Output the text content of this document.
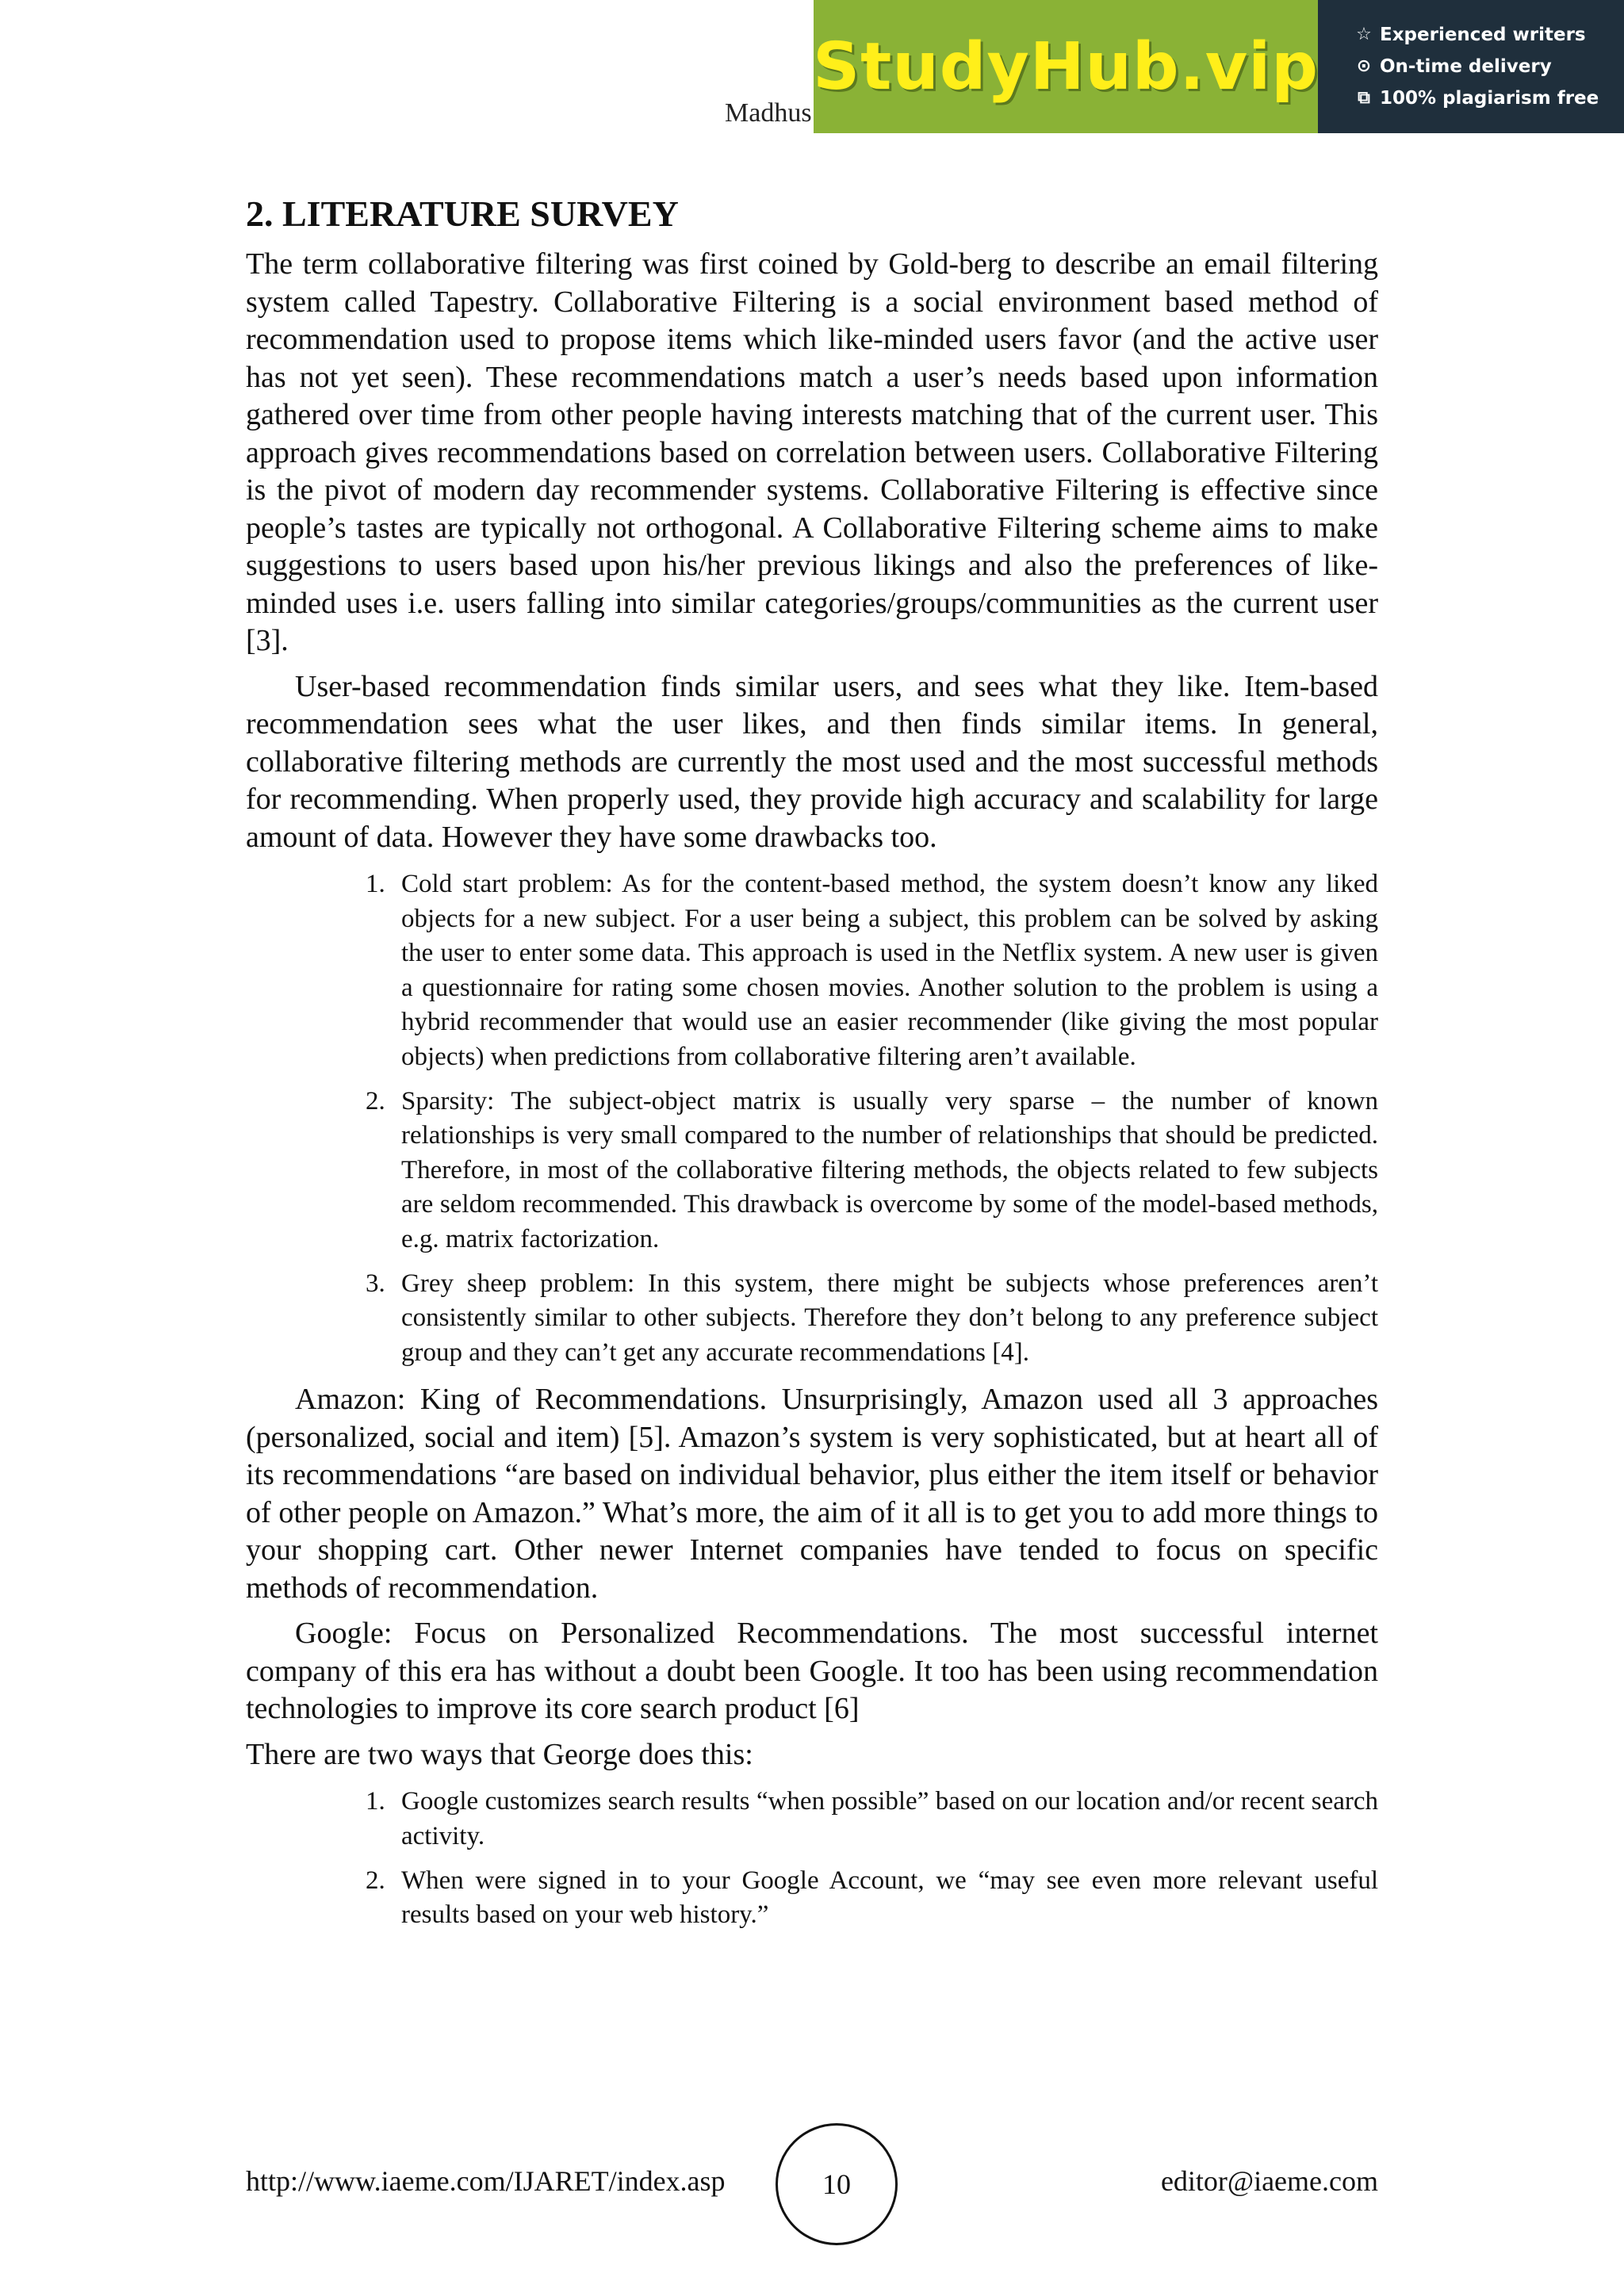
StudyHub.vip ☆ Experienced writers
⊙ On-time delivery
⧉ 100% plagiarism free
Madhus
2. LITERATURE SURVEY

The term collaborative filtering was first coined by Gold-berg to describe an email filtering system called Tapestry. Collaborative Filtering is a social environment based method of recommendation used to propose items which like-minded users favor (and the active user has not yet seen). These recommendations match a user’s needs based upon information gathered over time from other people having interests matching that of the current user. This approach gives recommendations based on correlation between users. Collaborative Filtering is the pivot of modern day recommender systems. Collaborative Filtering is effective since people’s tastes are typically not orthogonal. A Collaborative Filtering scheme aims to make suggestions to users based upon his/her previous likings and also the preferences of like-minded uses i.e. users falling into similar categories/groups/communities as the current user [3].

User-based recommendation finds similar users, and sees what they like. Item-based recommendation sees what the user likes, and then finds similar items. In general, collaborative filtering methods are currently the most used and the most successful methods for recommending. When properly used, they provide high accuracy and scalability for large amount of data. However they have some drawbacks too.

1. Cold start problem: As for the content-based method, the system doesn’t know any liked objects for a new subject. For a user being a subject, this problem can be solved by asking the user to enter some data. This approach is used in the Netflix system. A new user is given a questionnaire for rating some chosen movies. Another solution to the problem is using a hybrid recommender that would use an easier recommender (like giving the most popular objects) when predictions from collaborative filtering aren’t available.
2. Sparsity: The subject-object matrix is usually very sparse – the number of known relationships is very small compared to the number of relationships that should be predicted. Therefore, in most of the collaborative filtering methods, the objects related to few subjects are seldom recommended. This drawback is overcome by some of the model-based methods, e.g. matrix factorization.
3. Grey sheep problem: In this system, there might be subjects whose preferences aren’t consistently similar to other subjects. Therefore they don’t belong to any preference subject group and they can’t get any accurate recommendations [4].

Amazon: King of Recommendations. Unsurprisingly, Amazon used all 3 approaches (personalized, social and item) [5]. Amazon’s system is very sophisticated, but at heart all of its recommendations “are based on individual behavior, plus either the item itself or behavior of other people on Amazon.” What’s more, the aim of it all is to get you to add more things to your shopping cart. Other newer Internet companies have tended to focus on specific methods of recommendation.

Google: Focus on Personalized Recommendations. The most successful internet company of this era has without a doubt been Google. It too has been using recommendation technologies to improve its core search product [6]

There are two ways that George does this:

1. Google customizes search results “when possible” based on our location and/or recent search activity.
2. When were signed in to your Google Account, we “may see even more relevant useful results based on your web history.”
http://www.iaeme.com/IJARET/index.asp	10	editor@iaeme.com
